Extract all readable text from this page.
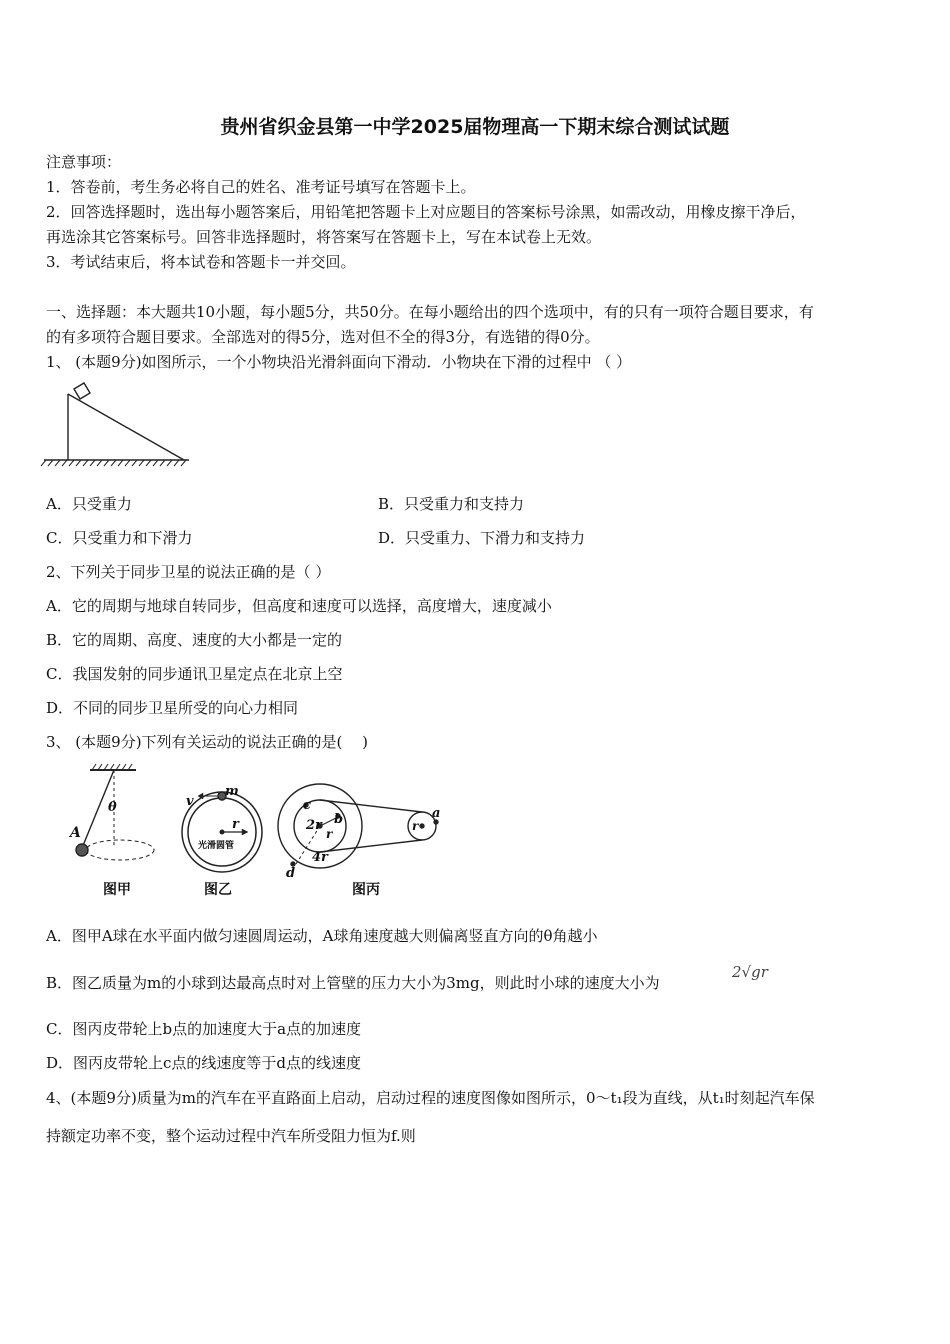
贵州省织金县第一中学2025届物理高一下期末综合测试试题
注意事项：
1．答卷前，考生务必将自己的姓名、准考证号填写在答题卡上。
2．回答选择题时，选出每小题答案后，用铅笔把答题卡上对应题目的答案标号涂黑，如需改动，用橡皮擦干净后，
再选涂其它答案标号。回答非选择题时，将答案写在答题卡上，写在本试卷上无效。
3．考试结束后，将本试卷和答题卡一并交回。
一、选择题：本大题共10小题，每小题5分，共50分。在每小题给出的四个选项中，有的只有一项符合题目要求，有
的有多项符合题目要求。全部选对的得5分，选对但不全的得3分，有选错的得0分。
1、 (本题9分)如图所示，一个小物块沿光滑斜面向下滑动．小物块在下滑的过程中 （ ）
A．只受重力	B．只受重力和支持力
C．只受重力和下滑力	D．只受重力、下滑力和支持力
2、下列关于同步卫星的说法正确的是（ ）
A．它的周期与地球自转同步，但高度和速度可以选择，高度增大，速度减小
B．它的周期、高度、速度的大小都是一定的
C．我国发射的同步通讯卫星定点在北京上空
D．不同的同步卫星所受的向心力相同
3、 (本题9分)下列有关运动的说法正确的是(　 )
θ
A
图甲
v
m
r
光滑圆管
图乙
c
2r b
r
4r
d
a
r
图丙
A．图甲A球在水平面内做匀速圆周运动，A球角速度越大则偏离竖直方向的θ角越小
B．图乙质量为m的小球到达最高点时对上管壁的压力大小为3mg，则此时小球的速度大小为
2√gr
C．图丙皮带轮上b点的加速度大于a点的加速度
D．图丙皮带轮上c点的线速度等于d点的线速度
4、(本题9分)质量为m的汽车在平直路面上启动，启动过程的速度图像如图所示，0～t₁段为直线，从t₁时刻起汽车保
持额定功率不变，整个运动过程中汽车所受阻力恒为f.则
